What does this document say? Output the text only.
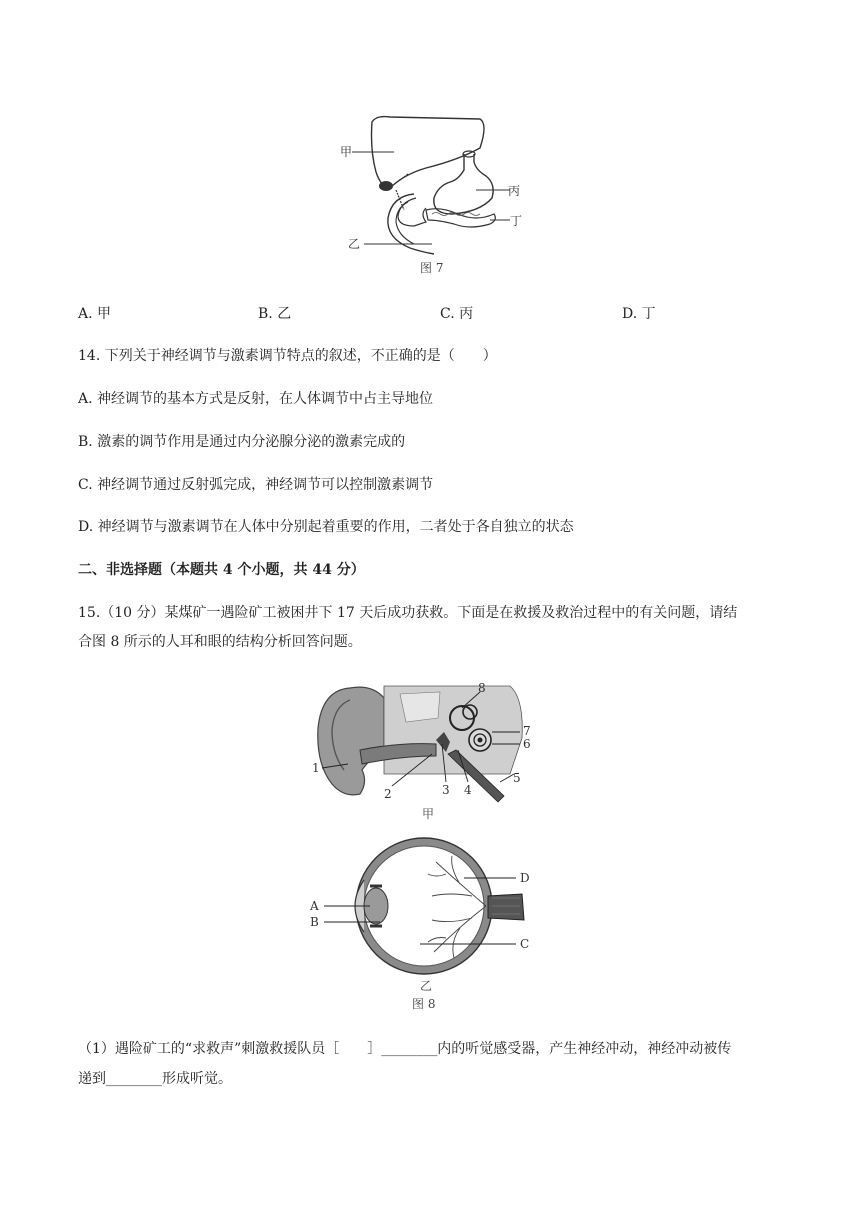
甲
乙
丙
丁
图 7
A. 甲	B. 乙	C. 丙	D. 丁
14. 下列关于神经调节与激素调节特点的叙述，不正确的是（　　）
A. 神经调节的基本方式是反射，在人体调节中占主导地位
B. 激素的调节作用是通过内分泌腺分泌的激素完成的
C. 神经调节通过反射弧完成，神经调节可以控制激素调节
D. 神经调节与激素调节在人体中分别起着重要的作用，二者处于各自独立的状态
二、非选择题（本题共 4 个小题，共 44 分）
15.（10 分）某煤矿一遇险矿工被困井下 17 天后成功获救。下面是在救援及救治过程中的有关问题，请结
合图 8 所示的人耳和眼的结构分析回答问题。
1
2	3 4
5
6
7
8
甲
A
B
C
D
乙
图 8
（1）遇险矿工的“求救声”刺激救援队员［　　］________内的听觉感受器，产生神经冲动，神经冲动被传
递到________形成听觉。
